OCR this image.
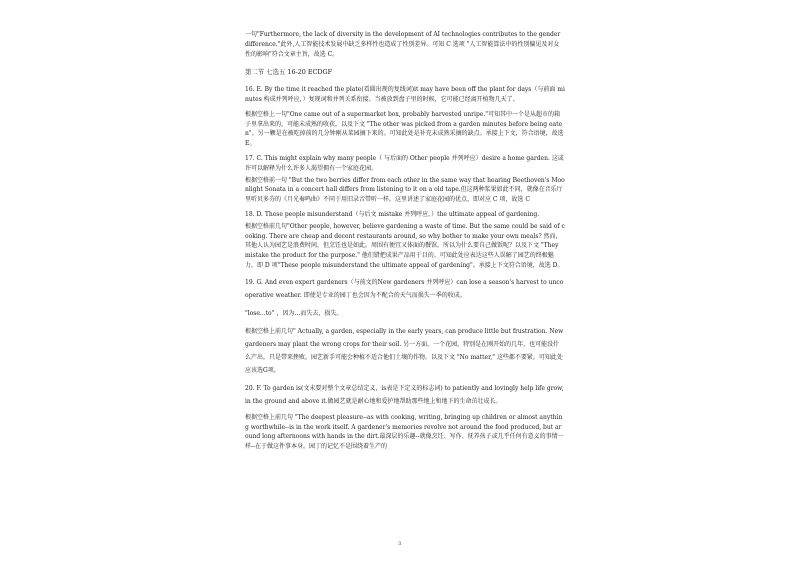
一句"Furthermore, the lack of diversity in the development of AI technologies contributes to the gender difference."此外,人工智能技术发展中缺乏多样性也造成了性别差异。可知 C 选项 "人工智能算法中的性别偏见及对女性的影响"符合文章主旨，故选 C。

第二节 七选五 16-20 ECDGF

16. E. By the time it reached the plate(看圆出现的复线词)it may have been off the plant for days（与前面 minutes 构成并列呼应，）复现词和并列关系衔接。当被放到盘子里的时候，它可能已经离开植物几天了。

根据空格上一句"One came out of a supermarket box, probably harvested unripe."可知其中一个是从超市的箱子里拿出来的，可能未成熟的收获，以及下文 "The other was picked from a garden minutes before being eaten"。另一颗是在被吃掉前的几分钟刚从菜园摘下来的。可知此处是补充未成熟采摘的缺点。承接上下文，符合语境，故选 E。

17. C. This might explain why many people（ 与后面的 Other people 并列呼应）desire a home garden. 这或许可以解释为什么许多人渴望拥有一个家庭花园。

根据空格前一句 "But the two berries differ from each other in the same way that hearing Beethoven's Moonlight Sonata in a concert hall differs from listening to it on a old tape.但这两种浆果如此不同，就像在音乐厅里听贝多芬的《月光奏鸣曲》不同于用旧录音带听一样。这里讲述了家庭花园的优点，即对应 C 项，故选 C

18. D. These people misunderstand（与后文 mistake 并列呼应，）the ultimate appeal of gardening.

根据空格前几句"Other people, however, believe gardening a waste of time. But the same could be said of cooking. There are cheap and decent restaurants around, so why bother to make your own meals? 然而，其他人认为园艺是浪费时间，但烹饪也是如此。周围有便宜又体面的餐馆，所以为什么要自己做饭呢？以及下文 "They mistake the product for the purpose." 他们错把成果产品用于目的。可知此处应表达这些人误解了园艺的终极魅力，即 D 项"These people misunderstand the ultimate appeal of gardening"。承接上下文符合语境，故选 D。

19. G. And even expert gardeners（与前文的New gardeners 并列呼应）can lose a season's harvest to uncooperative weather. 即使是专业的园丁也会因为不配合的天气而损失一季的收成。

"lose...to" ，因为…而失去，损失。

根据空格上前几句" Actually, a garden, especially in the early years, can produce little but frustration. New gardeners may plant the wrong crops for their soil. 另一方面，一个花园，特别是在刚开始的几年，也可能没什么产出，只是带来挫败。园艺新手可能会种植不适合他们土壤的作物。以及下文 "No matter," 这些都不要紧。可知此处应该选G项。

20. F. To garden is(文末要对整个文章总结定义，is表是下定义的标志词) to patiently and lovingly help life grow, in the ground and above it.做园艺就是耐心地和爱护地帮助那些地上和地下的生命茁壮成长。

根据空格上前几句 "The deepest pleasure--as with cooking, writing, bringing up children or almost anything worthwhile--is in the work itself. A gardener's memories revolve not around the food produced, but around long afternoons with hands in the dirt.最深层的乐趣--就像烹饪、写作、抚养孩子或几乎任何有意义的事情一样--在于做这件事本身。园丁的记忆不是围绕着生产的

3
